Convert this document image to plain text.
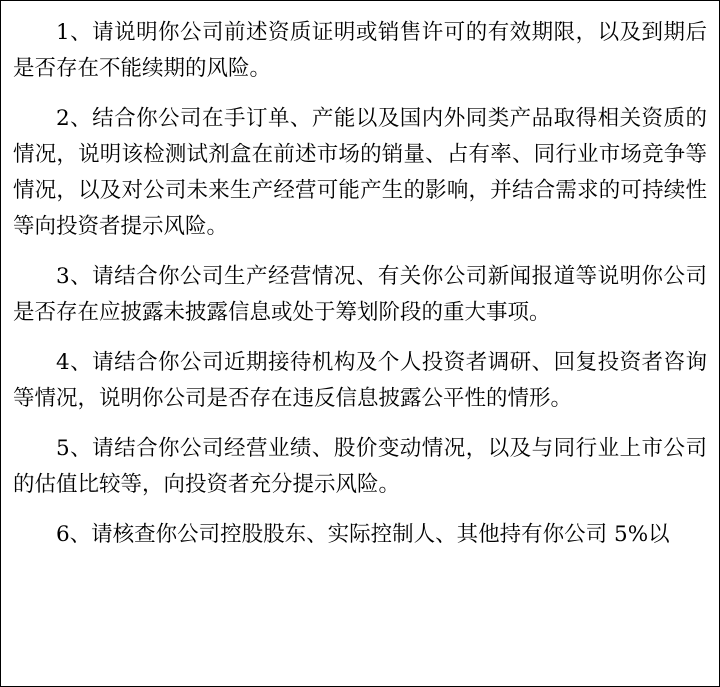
1、请说明你公司前述资质证明或销售许可的有效期限，以及到期后是否存在不能续期的风险。

2、结合你公司在手订单、产能以及国内外同类产品取得相关资质的情况，说明该检测试剂盒在前述市场的销量、占有率、同行业市场竞争等情况，以及对公司未来生产经营可能产生的影响，并结合需求的可持续性等向投资者提示风险。

3、请结合你公司生产经营情况、有关你公司新闻报道等说明你公司是否存在应披露未披露信息或处于筹划阶段的重大事项。

4、请结合你公司近期接待机构及个人投资者调研、回复投资者咨询等情况，说明你公司是否存在违反信息披露公平性的情形。

5、请结合你公司经营业绩、股价变动情况，以及与同行业上市公司的估值比较等，向投资者充分提示风险。

6、请核查你公司控股股东、实际控制人、其他持有你公司 5%以
